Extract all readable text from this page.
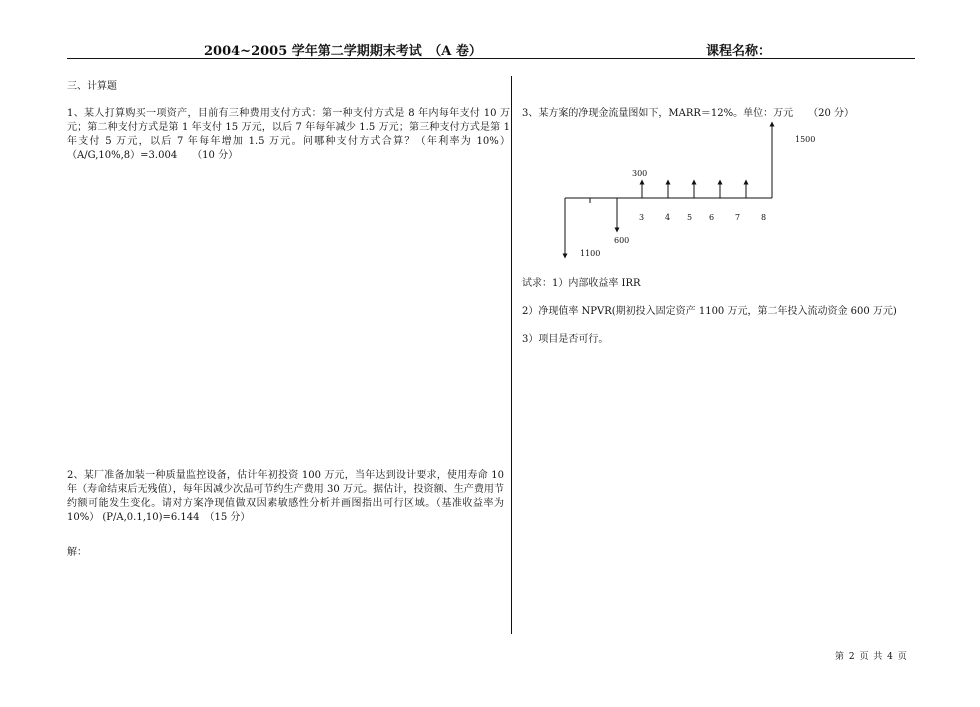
2004~2005 学年第二学期期末考试　（A 卷）	课程名称：
三、计算题
1、某人打算购买一项资产，目前有三种费用支付方式：第一种支付方式是 8 年内每年支付 10 万元；第二种支付方式是第 1 年支付 15 万元，以后 7 年每年减少 1.5 万元；第三种支付方式是第 1 年支付 5 万元，以后 7 年每年增加 1.5 万元。问哪种支付方式合算？（年利率为 10%）（A/G,10%,8）=3.004　　（10 分）
2、某厂准备加装一种质量监控设备，估计年初投资 100 万元，当年达到设计要求，使用寿命 10 年（寿命结束后无残值），每年因减少次品可节约生产费用 30 万元。据估计，投资额、生产费用节约额可能发生变化。请对方案净现值做双因素敏感性分析并画图指出可行区域。（基准收益率为 10%） (P/A,0.1,10)=6.144　（15 分）
解：
3、某方案的净现金流量图如下，MARR＝12%。单位：万元　　（20 分）
1500
300
600
1100
3	4 5 6	7	8
试求：1）内部收益率 IRR
2）净现值率 NPVR(期初投入固定资产 1100 万元，第二年投入流动资金 600 万元)
3）项目是否可行。
第 2 页 共 4 页
